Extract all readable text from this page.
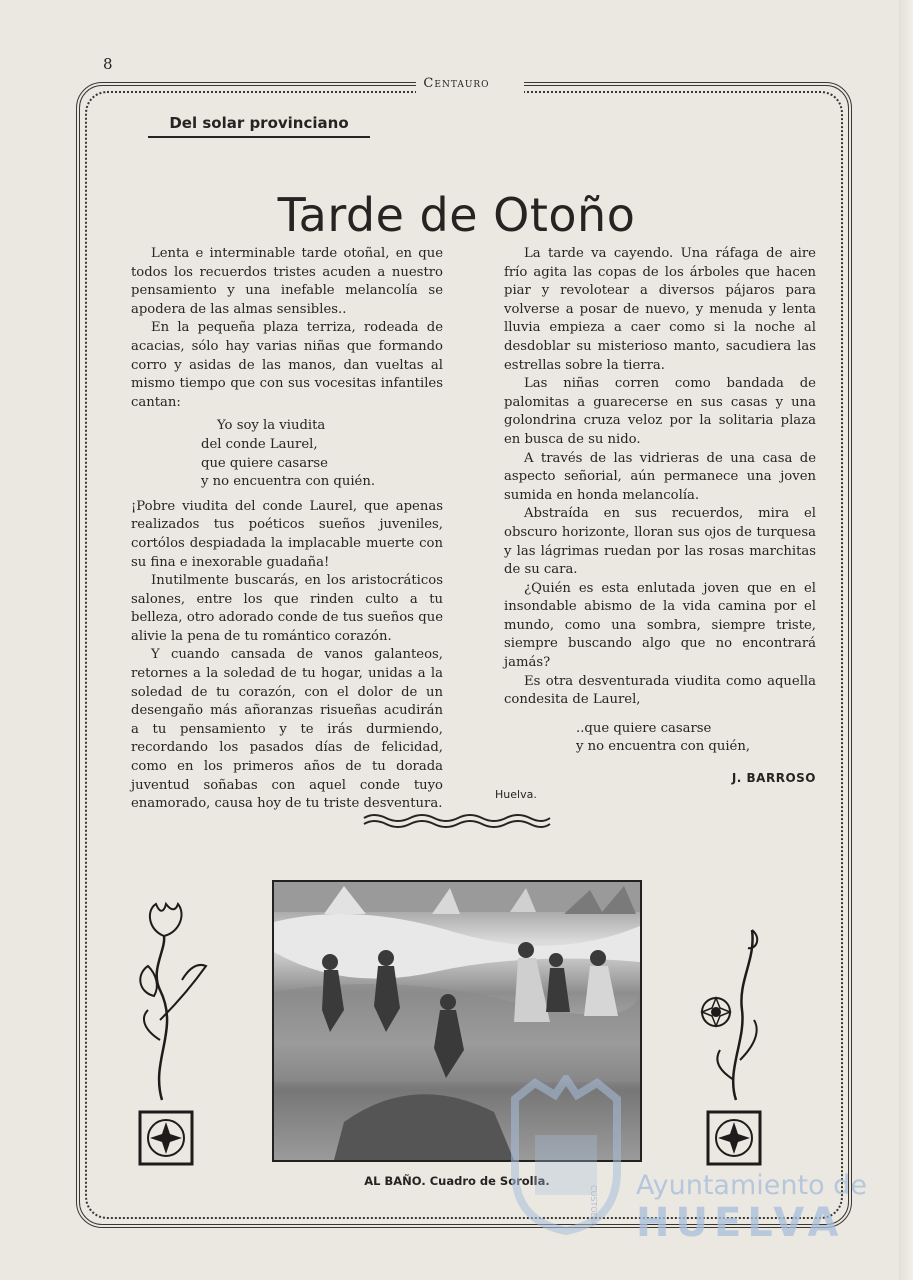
8
Centauro
Del solar provinciano
Tarde de Otoño

Lenta e interminable tarde otoñal, en que todos los recuerdos tristes acuden a nuestro pensamiento y una inefable melancolía se apodera de las almas sensibles..

En la pequeña plaza terriza, rodeada de acacias, sólo hay varias niñas que formando corro y asidas de las manos, dan vueltas al mismo tiempo que con sus vocesitas infantiles cantan:

Yo soy la viudita
del conde Laurel,
que quiere casarse
y no encuentra con quién.

¡Pobre viudita del conde Laurel, que apenas realizados tus poéticos sueños juveniles, cortólos despiadada la implacable muerte con su fina e inexorable guadaña!

Inutilmente buscarás, en los aristocráticos salones, entre los que rinden culto a tu belleza, otro adorado conde de tus sueños que alivie la pena de tu romántico corazón.

Y cuando cansada de vanos galanteos, retornes a la soledad de tu hogar, unidas a la soledad de tu corazón, con el dolor de un desengaño más añoranzas risueñas acudirán a tu pensamiento y te irás durmiendo, recordando los pasados días de felicidad, como en los primeros años de tu dorada juventud soñabas con aquel conde tuyo enamorado, causa hoy de tu triste desventura.

La tarde va cayendo. Una ráfaga de aire frío agita las copas de los árboles que hacen piar y revolotear a diversos pájaros para volverse a posar de nuevo, y menuda y lenta lluvia empieza a caer como si la noche al desdoblar su misterioso manto, sacudiera las estrellas sobre la tierra.

Las niñas corren como bandada de palomitas a guarecerse en sus casas y una golondrina cruza veloz por la solitaria plaza en busca de su nido.

A través de las vidrieras de una casa de aspecto señorial, aún permanece una joven sumida en honda melancolía.

Abstraída en sus recuerdos, mira el obscuro horizonte, lloran sus ojos de turquesa y las lágrimas ruedan por las rosas marchitas de su cara.

¿Quién es esta enlutada joven que en el insondable abismo de la vida camina por el mundo, como una sombra, siempre triste, siempre buscando algo que no encontrará jamás?

Es otra desventurada viudita como aquella condesita de Laurel,

..que quiere casarse
y no encuentra con quién,
J. BARROSO
Huelva.
AL BAÑO. Cuadro de Sorolla.
CUSTODIA Ayuntamiento de
HUELVA
